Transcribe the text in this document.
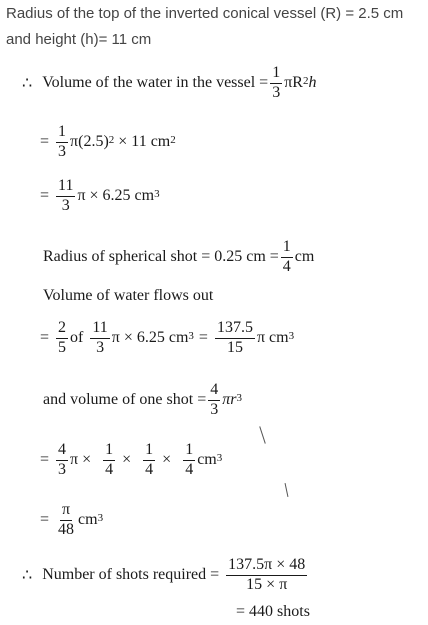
Radius of the top of the inverted conical vessel (R) = 2.5 cm
and height (h)= 11 cm
∴ Volume of the water in the vessel = $\frac{1}{3} \pi R^2$ h
= $\frac{1}{3} \pi(2.5)^2 \times 11$ $cm^2$
= $\frac{11}{3}$ π × 6.25 $cm^3$
Radius of spherical shot = 0.25 cm = $\frac{1}{4}$ cm
Volume of water flows out
= $\frac{2}{5}$ of $\frac{11}{3}$ π × 6.25 $cm^3 = \frac{137.5}{15}$ π $cm^3$
and volume of one shot = $\frac{4}{3}$ π $r^3$
= $\frac{4}{3}$ $\pi \times \frac{1}{4} \times \frac{1}{4} \times \frac{1}{4} cm^3$
= $\frac{\pi}{48} cm^3$
∴ Number of shots required = $\frac{137.5\pi \times 48}{15 \times \pi}$
= 440 shots
